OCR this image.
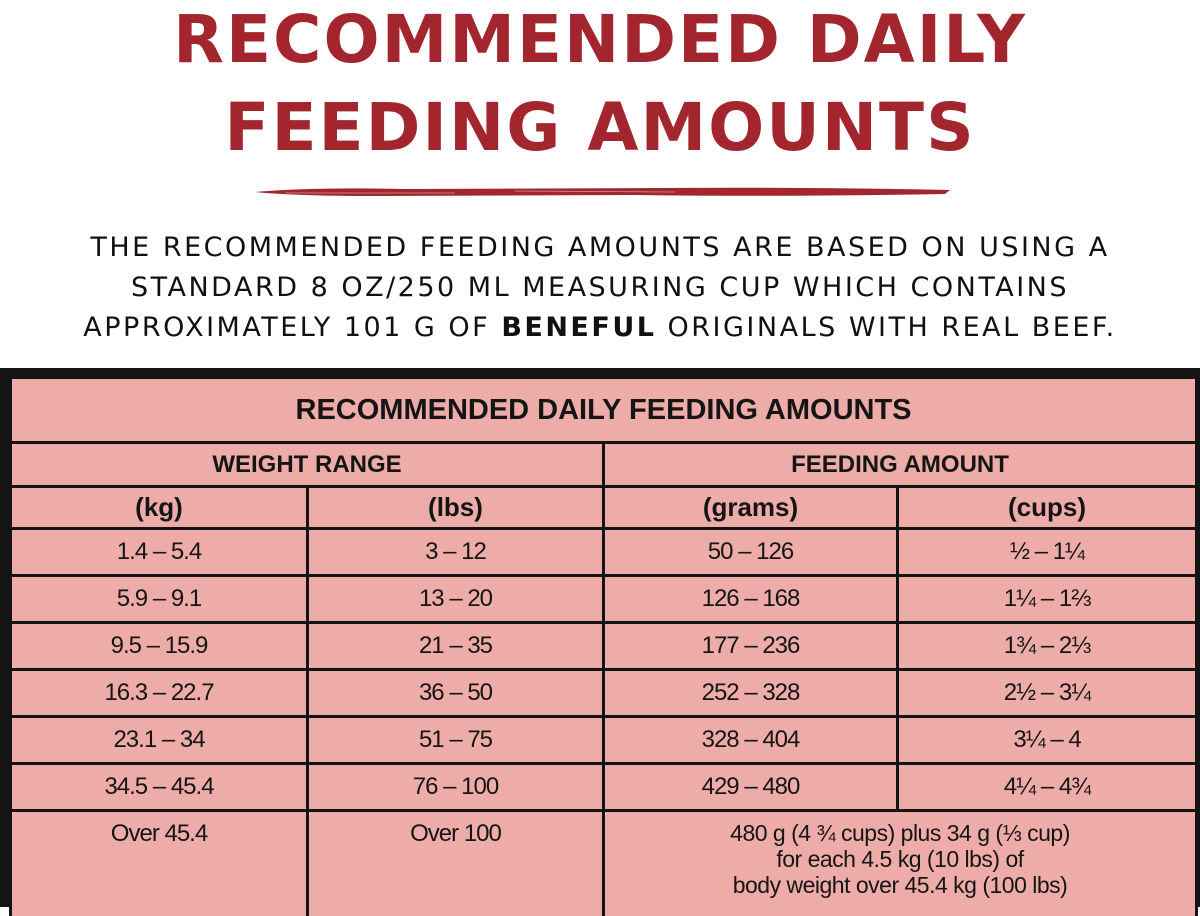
RECOMMENDED DAILY
FEEDING AMOUNTS
THE RECOMMENDED FEEDING AMOUNTS ARE BASED ON USING A
STANDARD 8 OZ/250 ML MEASURING CUP WHICH CONTAINS
APPROXIMATELY 101 G OF BENEFUL ORIGINALS WITH REAL BEEF.
RECOMMENDED DAILY FEEDING AMOUNTS			
WEIGHT RANGE		FEEDING AMOUNT	
(kg)	(lbs)	(grams)	(cups)
1.4 – 5.4	3 – 12	50 – 126	½ – 1¼
5.9 – 9.1	13 – 20	126 – 168	1¼ – 1⅔
9.5 – 15.9	21 – 35	177 – 236	1¾ – 2⅓
16.3 – 22.7	36 – 50	252 – 328	2½ – 3¼
23.1 – 34	51 – 75	328 – 404	3¼ – 4
34.5 – 45.4	76 – 100	429 – 480	4¼ – 4¾
Over 45.4	Over 100	480 g (4 ¾ cups) plus 34 g (⅓ cup)
for each 4.5 kg (10 lbs) of
body weight over 45.4 kg (100 lbs)	
